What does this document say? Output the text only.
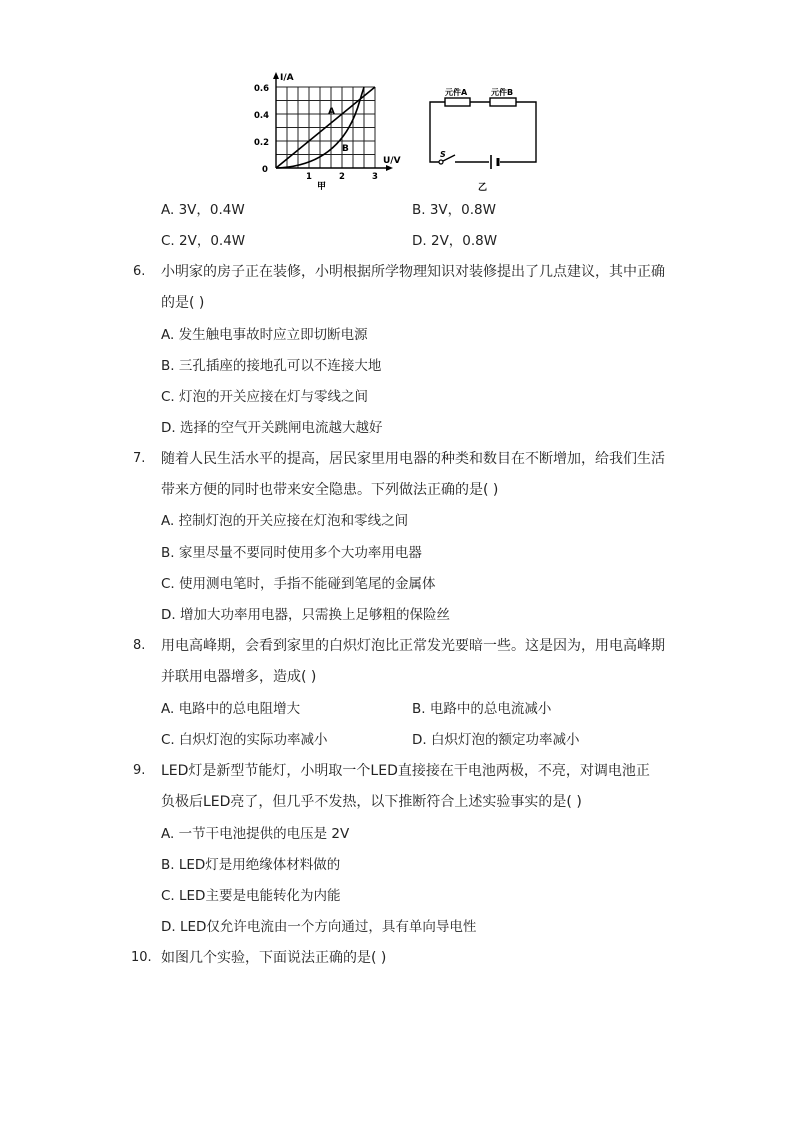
I/A
U/V
0.6
0.4
0.2
0
1	2	3
A
B
甲
元件A	元件B
S
乙
A. 3V，0.4W	B. 3V，0.8W
C. 2V，0.4W	D. 2V，0.8W
6. 小明家的房子正在装修，小明根据所学物理知识对装修提出了几点建议，其中正确
的是( )
A. 发生触电事故时应立即切断电源
B. 三孔插座的接地孔可以不连接大地
C. 灯泡的开关应接在灯与零线之间
D. 选择的空气开关跳闸电流越大越好
7. 随着人民生活水平的提高，居民家里用电器的种类和数目在不断增加，给我们生活
带来方便的同时也带来安全隐患。下列做法正确的是( )
A. 控制灯泡的开关应接在灯泡和零线之间
B. 家里尽量不要同时使用多个大功率用电器
C. 使用测电笔时，手指不能碰到笔尾的金属体
D. 增加大功率用电器，只需换上足够粗的保险丝
8. 用电高峰期，会看到家里的白炽灯泡比正常发光要暗一些。这是因为，用电高峰期
并联用电器增多，造成( )
A. 电路中的总电阻增大	B. 电路中的总电流减小
C. 白炽灯泡的实际功率减小	D. 白炽灯泡的额定功率减小
9. LED灯是新型节能灯，小明取一个LED直接接在干电池两极，不亮，对调电池正
负极后LED亮了，但几乎不发热，以下推断符合上述实验事实的是( )
A. 一节干电池提供的电压是 2V
B. LED灯是用绝缘体材料做的
C. LED主要是电能转化为内能
D. LED仅允许电流由一个方向通过，具有单向导电性
10. 如图几个实验，下面说法正确的是( )
